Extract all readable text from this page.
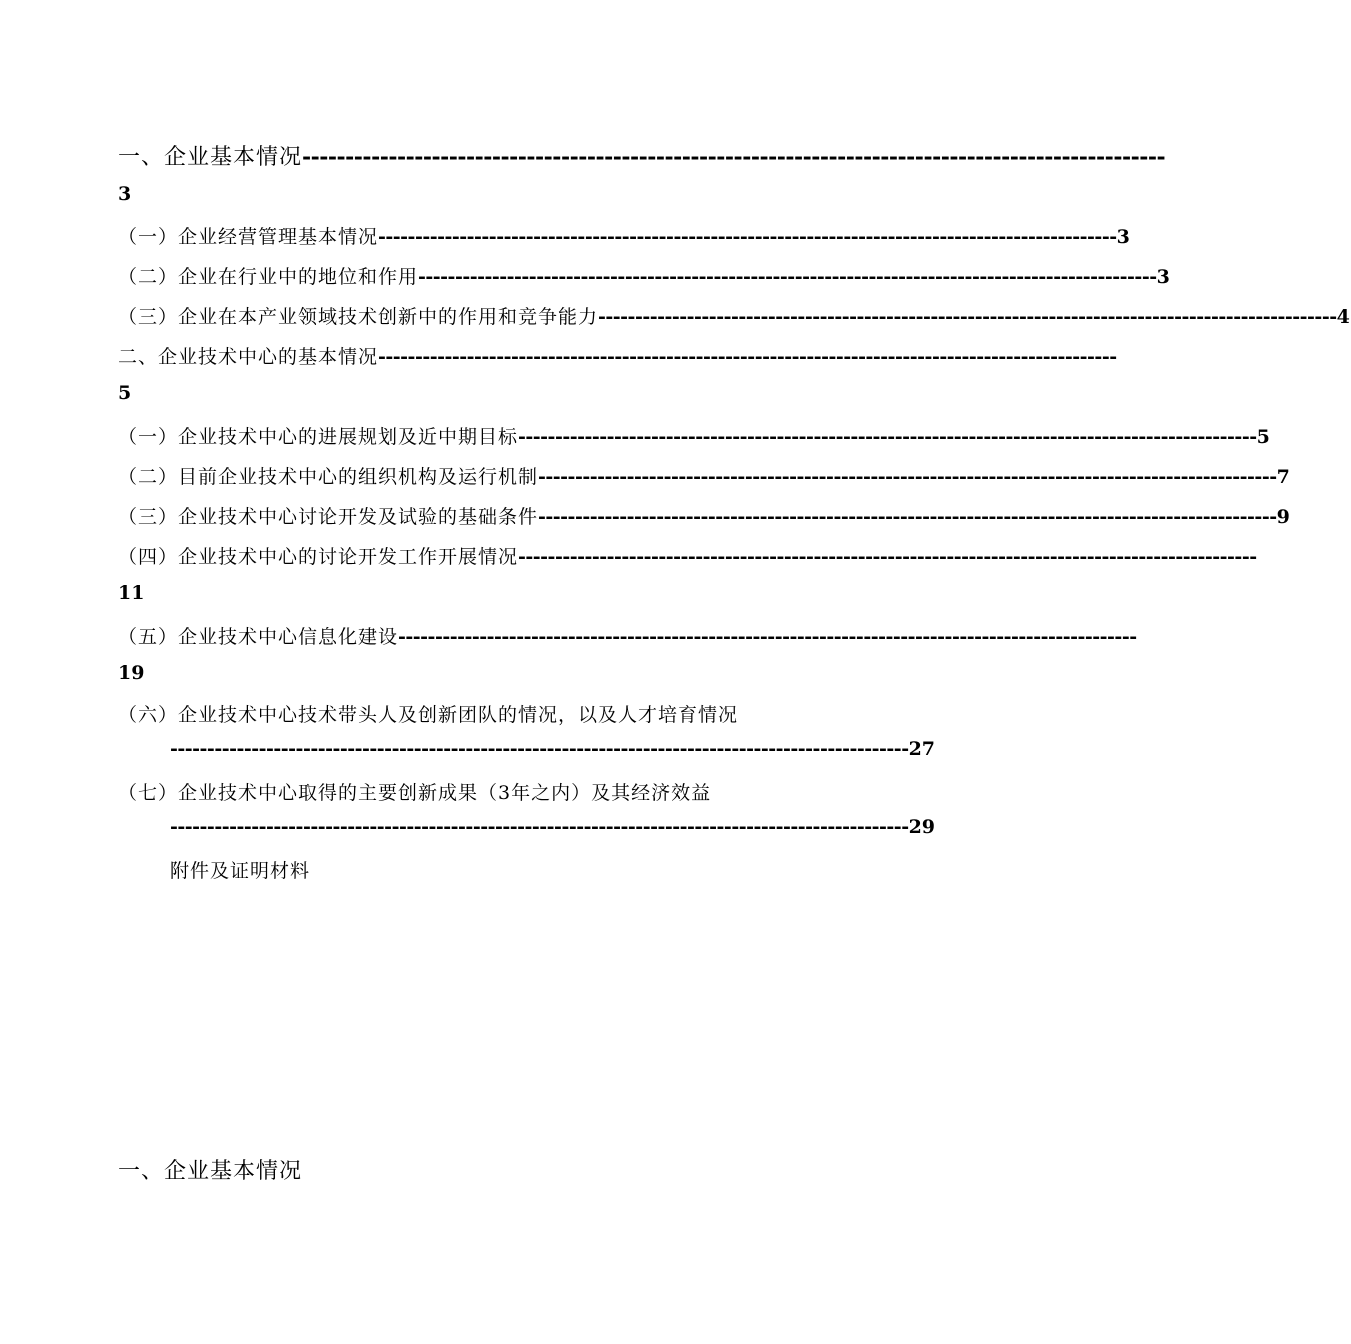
一、企业基本情况 ----------------------------------------------------------------------------------------------------
3
（一）企业经营管理基本情况 ---------------------------------------------------------------------------------------------------- 3
（二）企业在行业中的地位和作用 ---------------------------------------------------------------------------------------------------- 3
（三）企业在本产业领域技术创新中的作用和竞争能力 ---------------------------------------------------------------------------------------------------- 4
二、企业技术中心的基本情况 ----------------------------------------------------------------------------------------------------
5
（一）企业技术中心的进展规划及近中期目标 ---------------------------------------------------------------------------------------------------- 5
（二）目前企业技术中心的组织机构及运行机制 ---------------------------------------------------------------------------------------------------- 7
（三）企业技术中心讨论开发及试验的基础条件 ---------------------------------------------------------------------------------------------------- 9
（四）企业技术中心的讨论开发工作开展情况 ----------------------------------------------------------------------------------------------------
11
（五）企业技术中心信息化建设 ----------------------------------------------------------------------------------------------------
19
（六）企业技术中心技术带头人及创新团队的情况，以及人才培育情况
---------------------------------------------------------------------------------------------------- 27
（七）企业技术中心取得的主要创新成果（3年之内）及其经济效益
---------------------------------------------------------------------------------------------------- 29
附件及证明材料
一、企业基本情况
